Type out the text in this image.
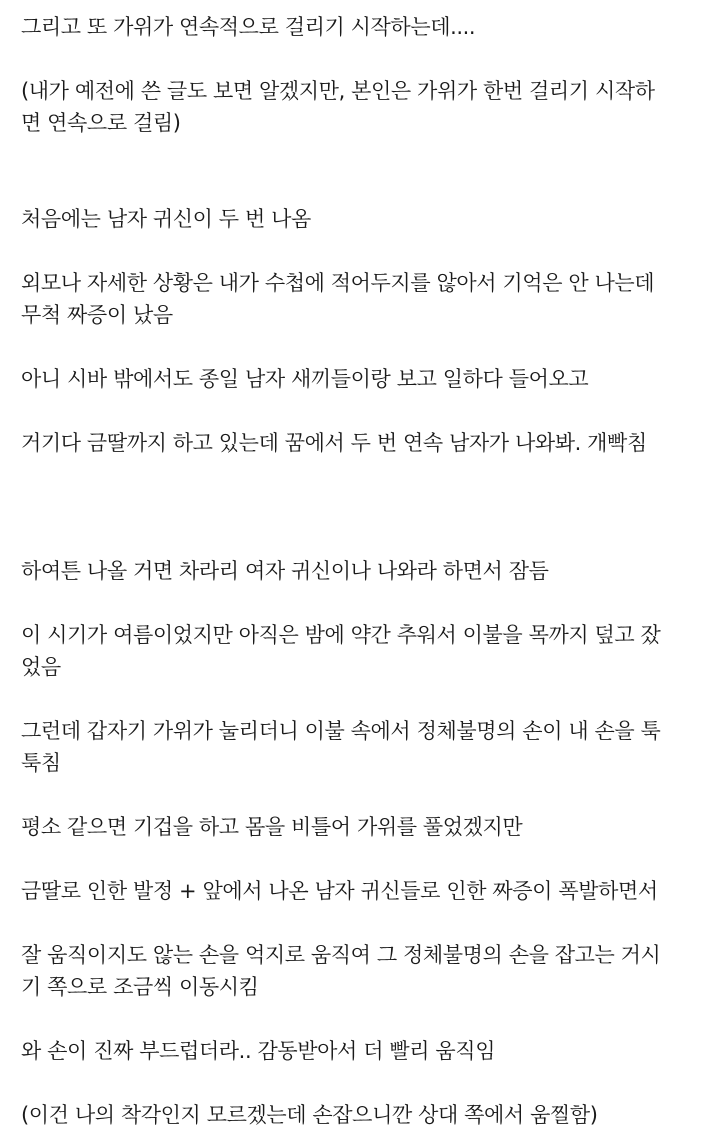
그리고 또 가위가 연속적으로 걸리기 시작하는데....

(내가 예전에 쓴 글도 보면 알겠지만, 본인은 가위가 한번 걸리기 시작하
면 연속으로 걸림)

처음에는 남자 귀신이 두 번 나옴

외모나 자세한 상황은 내가 수첩에 적어두지를 않아서 기억은 안 나는데
무척 짜증이 났음

아니 시바 밖에서도 종일 남자 새끼들이랑 보고 일하다 들어오고

거기다 금딸까지 하고 있는데 꿈에서 두 번 연속 남자가 나와봐. 개빡침

하여튼 나올 거면 차라리 여자 귀신이나 나와라 하면서 잠듬

이 시기가 여름이었지만 아직은 밤에 약간 추워서 이불을 목까지 덮고 잤
었음

그런데 갑자기 가위가 눌리더니 이불 속에서 정체불명의 손이 내 손을 툭
툭침

평소 같으면 기겁을 하고 몸을 비틀어 가위를 풀었겠지만

금딸로 인한 발정 + 앞에서 나온 남자 귀신들로 인한 짜증이 폭발하면서

잘 움직이지도 않는 손을 억지로 움직여 그 정체불명의 손을 잡고는 거시
기 쪽으로 조금씩 이동시킴

와 손이 진짜 부드럽더라.. 감동받아서 더 빨리 움직임

(이건 나의 착각인지 모르겠는데 손잡으니깐 상대 쪽에서 움찔함)
